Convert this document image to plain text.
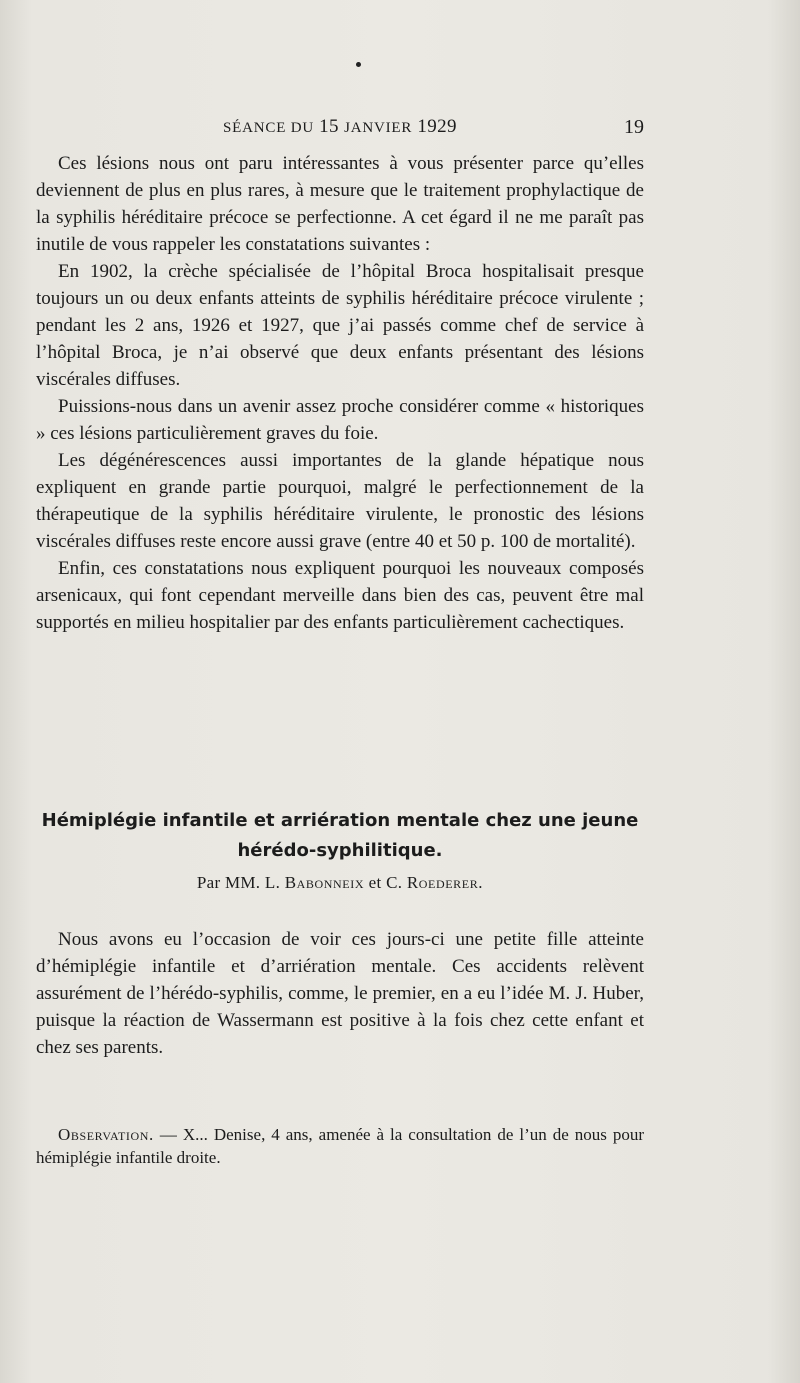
SÉANCE DU 15 JANVIER 1929	19

Ces lésions nous ont paru intéressantes à vous présenter parce qu’elles deviennent de plus en plus rares, à mesure que le traitement prophylactique de la syphilis héréditaire précoce se perfectionne. A cet égard il ne me paraît pas inutile de vous rappeler les constatations suivantes :

En 1902, la crèche spécialisée de l’hôpital Broca hospitalisait presque toujours un ou deux enfants atteints de syphilis héréditaire précoce virulente ; pendant les 2 ans, 1926 et 1927, que j’ai passés comme chef de service à l’hôpital Broca, je n’ai observé que deux enfants présentant des lésions viscérales diffuses.

Puissions-nous dans un avenir assez proche considérer comme « historiques » ces lésions particulièrement graves du foie.

Les dégénérescences aussi importantes de la glande hépatique nous expliquent en grande partie pourquoi, malgré le perfectionnement de la thérapeutique de la syphilis héréditaire virulente, le pronostic des lésions viscérales diffuses reste encore aussi grave (entre 40 et 50 p. 100 de mortalité).

Enfin, ces constatations nous expliquent pourquoi les nouveaux composés arsenicaux, qui font cependant merveille dans bien des cas, peuvent être mal supportés en milieu hospitalier par des enfants particulièrement cachectiques.

Hémiplégie infantile et arriération mentale chez une jeune
hérédo-syphilitique.
Par MM. L. Babonneix et C. Roederer.

Nous avons eu l’occasion de voir ces jours-ci une petite fille atteinte d’hémiplégie infantile et d’arriération mentale. Ces accidents relèvent assurément de l’hérédo-syphilis, comme, le premier, en a eu l’idée M. J. Huber, puisque la réaction de Wassermann est positive à la fois chez cette enfant et chez ses parents.

Observation. — X... Denise, 4 ans, amenée à la consultation de l’un de nous pour hémiplégie infantile droite.
